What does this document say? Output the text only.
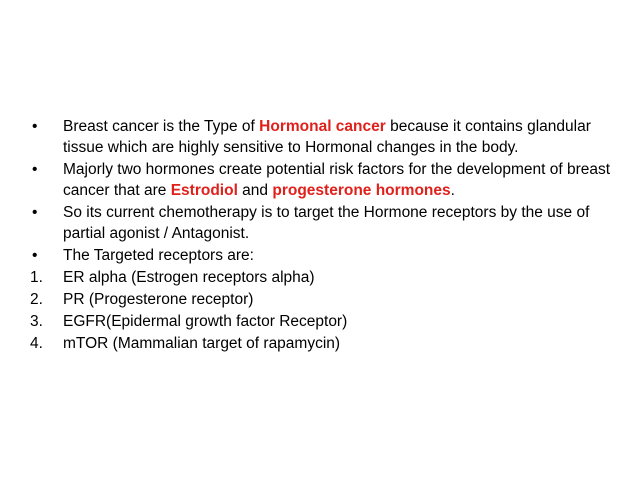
•	Breast cancer is the Type of Hormonal cancer because it contains glandular tissue which are highly sensitive to Hormonal changes in the body.
•	Majorly two hormones create potential risk factors for the development of breast cancer that are Estrodiol and progesterone hormones.
•	So its current chemotherapy is to target the Hormone receptors by the use of partial agonist / Antagonist.
•	The Targeted receptors are:
1.	ER alpha (Estrogen receptors alpha)
2.	PR (Progesterone receptor)
3.	EGFR(Epidermal growth factor Receptor)
4.	mTOR (Mammalian target of rapamycin)
